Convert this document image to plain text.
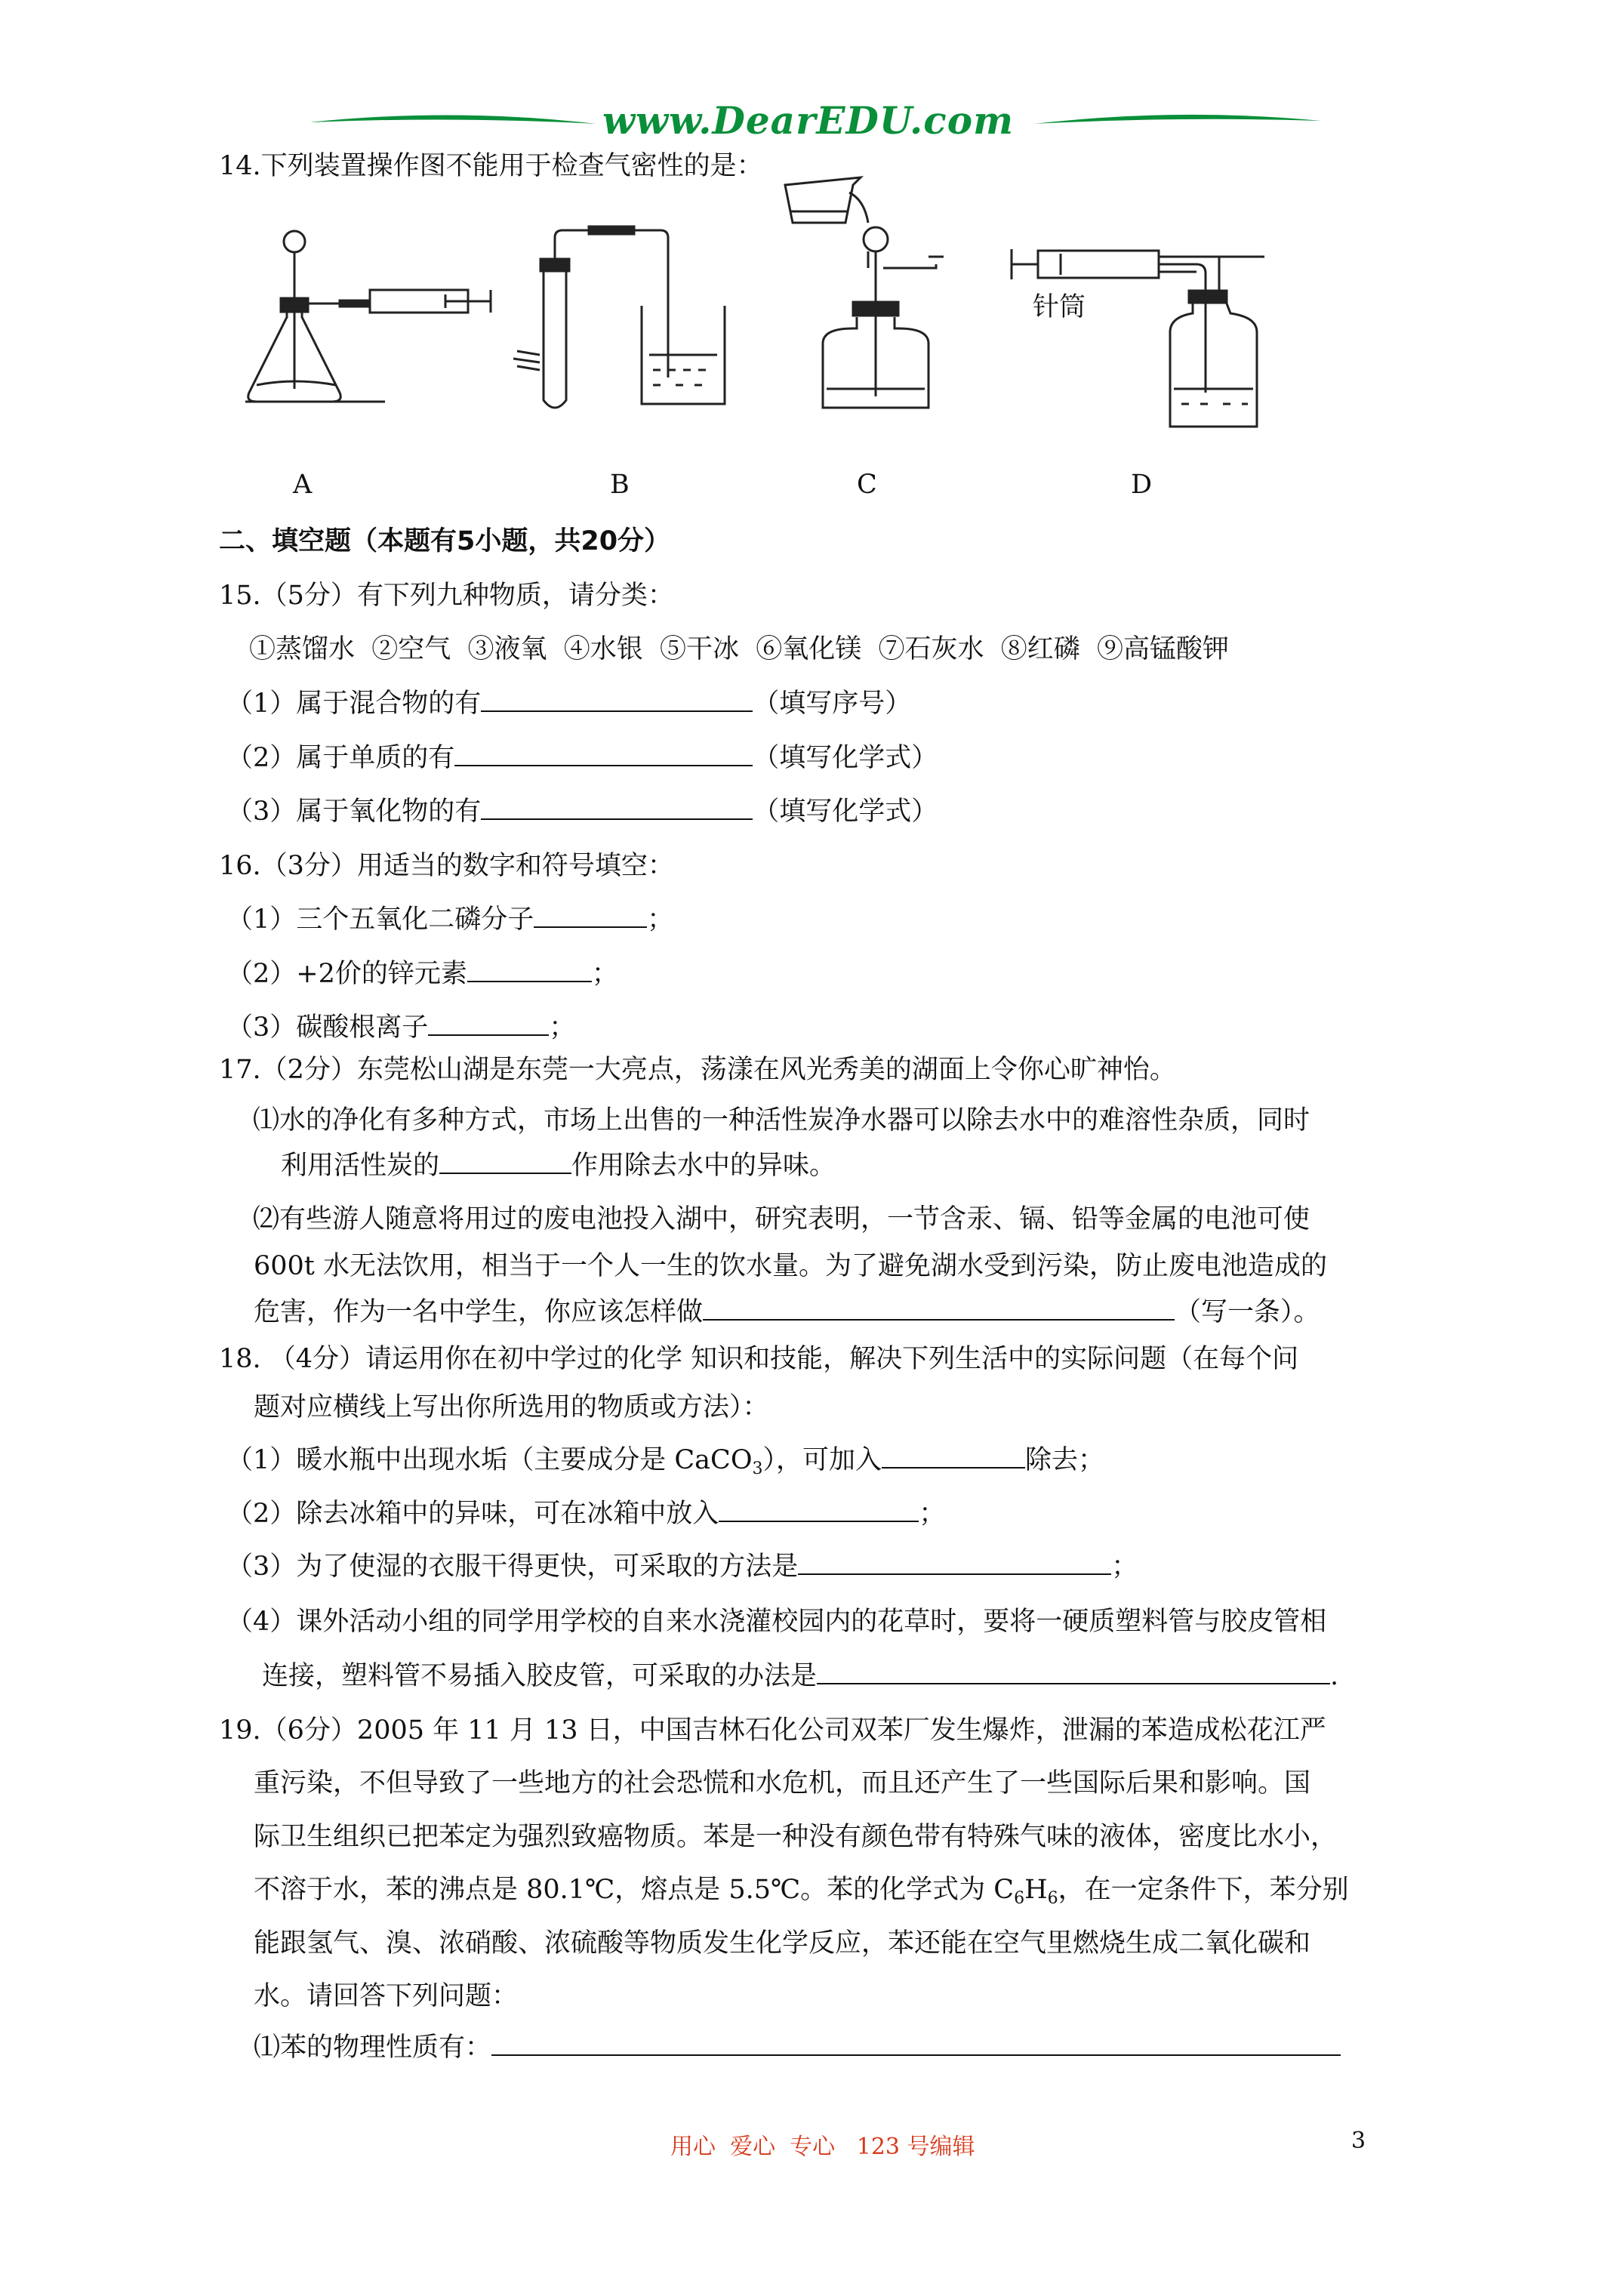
www.DearEDU.com
14.下列装置操作图不能用于检查气密性的是：
针筒
A	B	C	D
二、填空题（本题有5小题，共20分）
15.（5分）有下列九种物质，请分类：
①蒸馏水  ②空气  ③液氧  ④水银  ⑤干冰  ⑥氧化镁  ⑦石灰水  ⑧红磷  ⑨高锰酸钾
（1）属于混合物的有	（填写序号）
（2）属于单质的有	（填写化学式）
（3）属于氧化物的有	（填写化学式）
16.（3分）用适当的数字和符号填空：
（1）三个五氧化二磷分子	；
（2）+2价的锌元素	；
（3）碳酸根离子	；
17.（2分）东莞松山湖是东莞一大亮点，荡漾在风光秀美的湖面上令你心旷神怡。
⑴水的净化有多种方式，市场上出售的一种活性炭净水器可以除去水中的难溶性杂质，同时
利用活性炭的	作用除去水中的异味。
⑵有些游人随意将用过的废电池投入湖中，研究表明，一节含汞、镉、铅等金属的电池可使
600t 水无法饮用，相当于一个人一生的饮水量。为了避免湖水受到污染，防止废电池造成的
危害，作为一名中学生，你应该怎样做	（写一条）。
18. （4分）请运用你在初中学过的化学 知识和技能，解决下列生活中的实际问题（在每个问
题对应横线上写出你所选用的物质或方法）：
（1）暖水瓶中出现水垢（主要成分是 CaCO$_3$），可加入	除去；
（2）除去冰箱中的异味，可在冰箱中放入	；
（3）为了使湿的衣服干得更快，可采取的方法是	；
（4）课外活动小组的同学用学校的自来水浇灌校园内的花草时，要将一硬质塑料管与胶皮管相
连接，塑料管不易插入胶皮管，可采取的办法是	.
19.（6分）2005 年 11 月 13 日，中国吉林石化公司双苯厂发生爆炸，泄漏的苯造成松花江严
重污染，不但导致了一些地方的社会恐慌和水危机，而且还产生了一些国际后果和影响。国
际卫生组织已把苯定为强烈致癌物质。苯是一种没有颜色带有特殊气味的液体，密度比水小，
不溶于水，苯的沸点是 80.1℃，熔点是 5.5℃。苯的化学式为 $C_6H_6$，在一定条件下，苯分别
能跟氢气、溴、浓硝酸、浓硫酸等物质发生化学反应，苯还能在空气里燃烧生成二氧化碳和
水。请回答下列问题：
⑴苯的物理性质有：
用心  爱心  专心   123 号编辑	3
